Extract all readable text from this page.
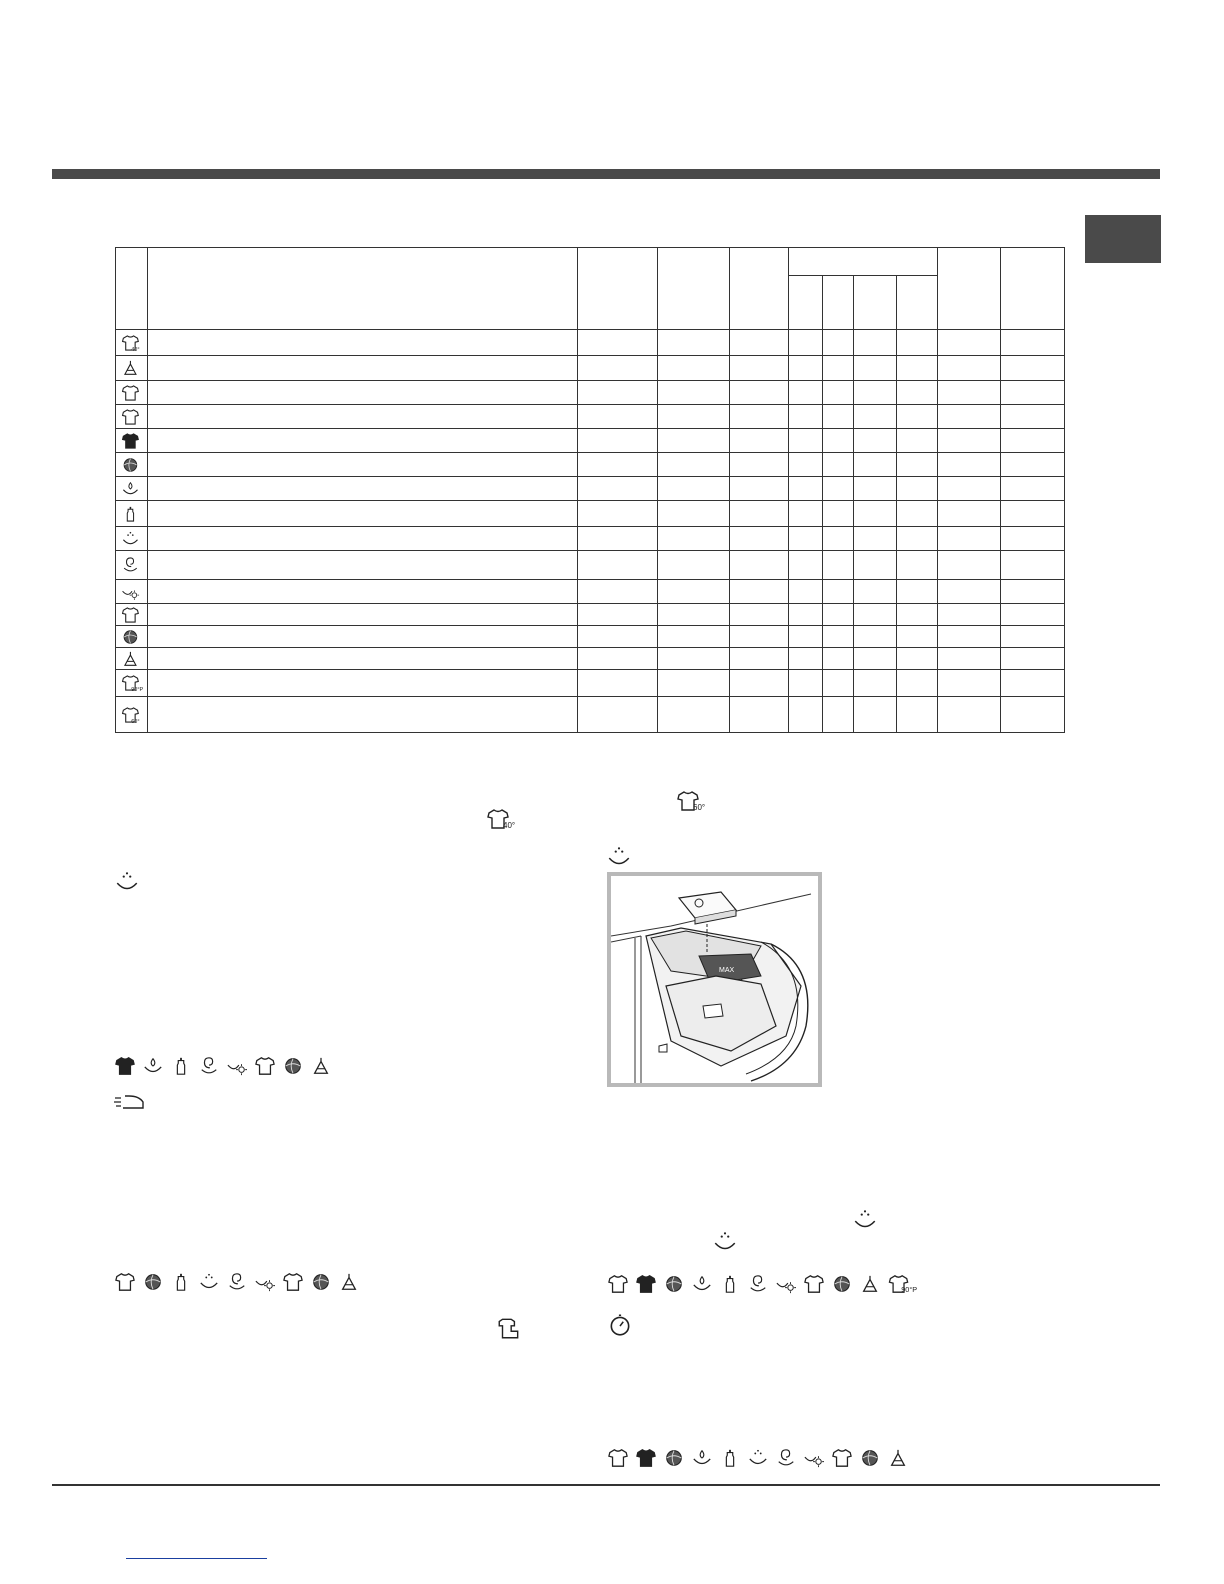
40°										

90°P										

60°										

40°
60°
MAX
90°P
